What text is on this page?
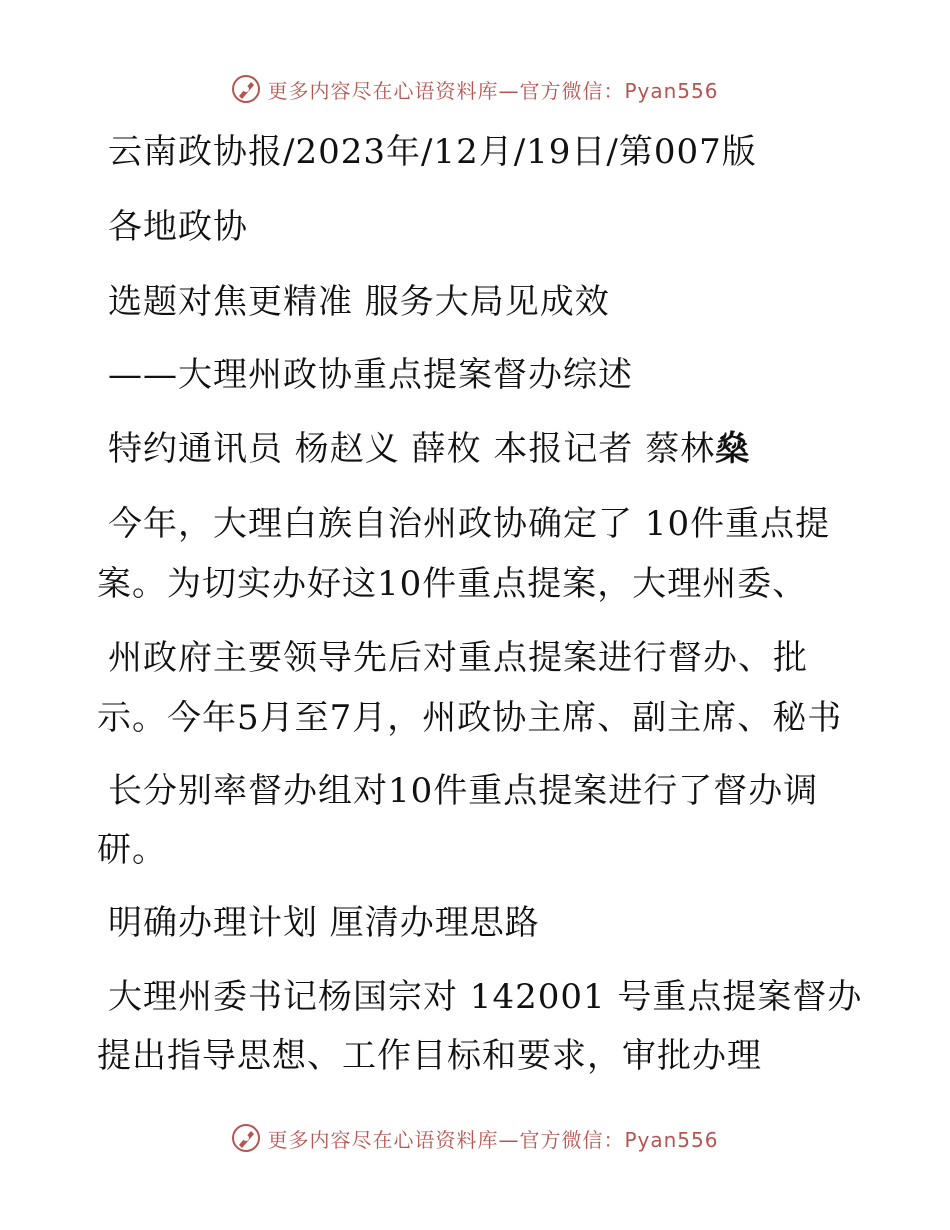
更多内容尽在心语资料库—官方微信：Pyan556
云南政协报/2023年/12月/19日/第007版
各地政协
选题对焦更精准 服务大局见成效
——大理州政协重点提案督办综述
特约通讯员 杨赵义 薛枚 本报记者 蔡林燊
今年，大理白族自治州政协确定了 10件重点提
案。为切实办好这10件重点提案，大理州委、
州政府主要领导先后对重点提案进行督办、批
示。今年5月至7月，州政协主席、副主席、秘书
长分别率督办组对10件重点提案进行了督办调
研。
明确办理计划 厘清办理思路
大理州委书记杨国宗对 142001 号重点提案督办
提出指导思想、工作目标和要求，审批办理
更多内容尽在心语资料库—官方微信：Pyan556
